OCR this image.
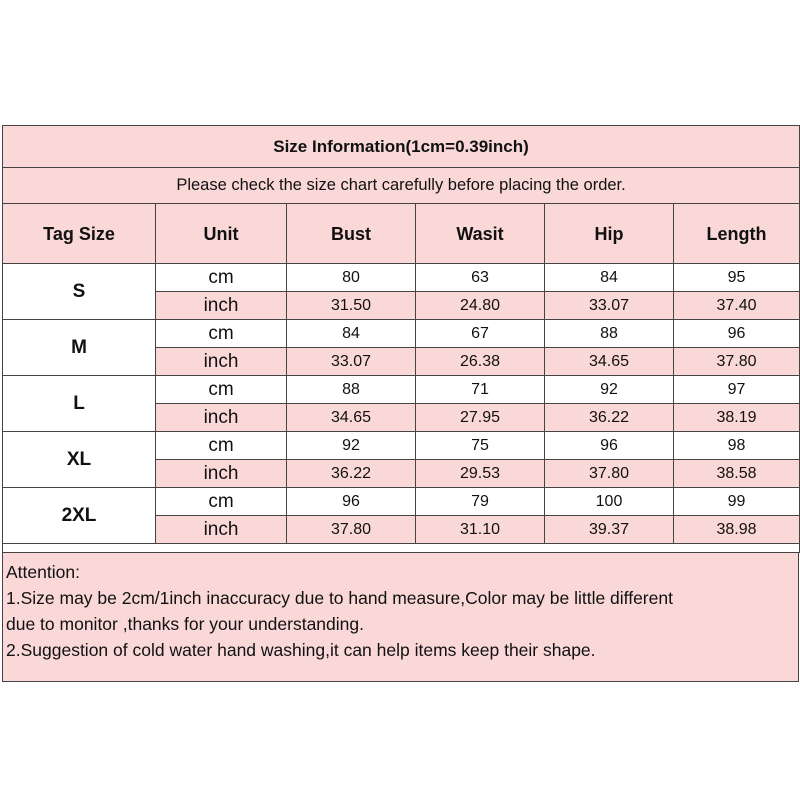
Size Information(1cm=0.39inch)					
Please check the size chart carefully before placing the order.					
Tag Size	Unit	Bust	Wasit	Hip	Length
S	cm	80	63	84	95
	inch	31.50	24.80	33.07	37.40
M	cm	84	67	88	96
	inch	33.07	26.38	34.65	37.80
L	cm	88	71	92	97
	inch	34.65	27.95	36.22	38.19
XL	cm	92	75	96	98
	inch	36.22	29.53	37.80	38.58
2XL	cm	96	79	100	99
	inch	37.80	31.10	39.37	38.98

Attention:
1.Size may be 2cm/1inch inaccuracy due to hand measure,Color may be little different
due to monitor ,thanks for your understanding.
2.Suggestion of cold water hand washing,it can help items keep their shape.
